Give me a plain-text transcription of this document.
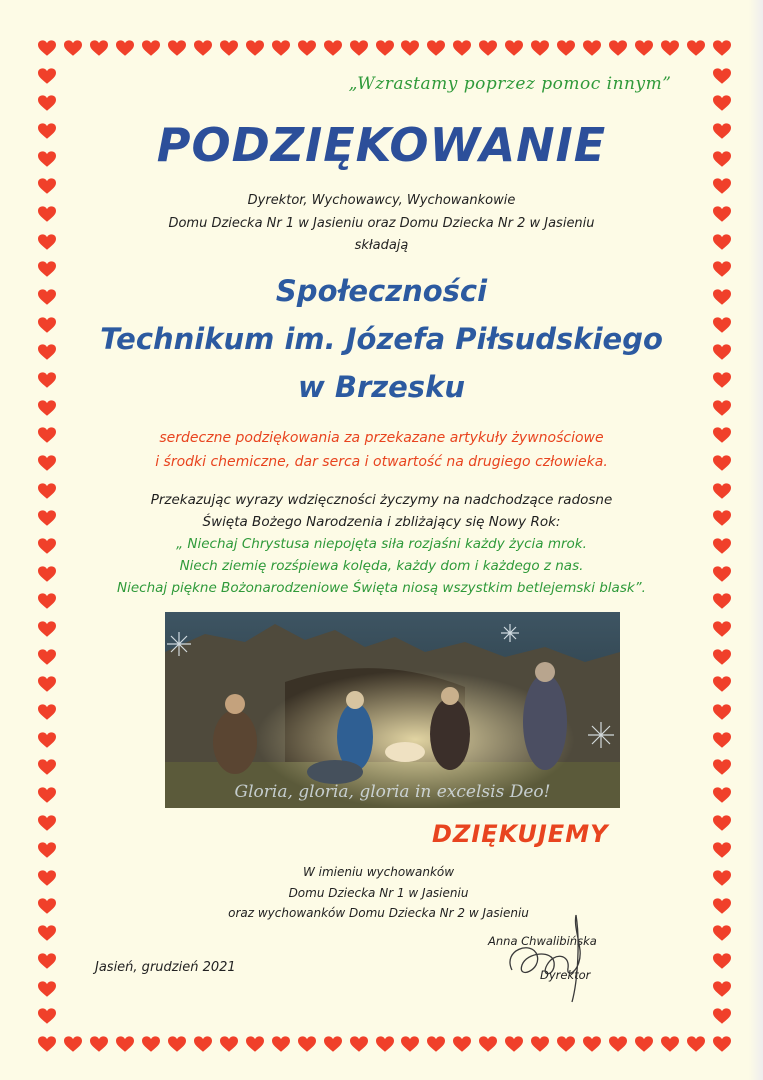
„Wzrastamy poprzez pomoc innym”
PODZIĘKOWANIE
Dyrektor, Wychowawcy, Wychowankowie
Domu Dziecka Nr 1 w Jasieniu oraz Domu Dziecka Nr 2 w Jasieniu
składają
Społeczności
Technikum im. Józefa Piłsudskiego
w Brzesku
serdeczne podziękowania za przekazane artykuły żywnościowe
i środki chemiczne, dar serca i otwartość na drugiego człowieka.
Przekazując wyrazy wdzięczności życzymy na nadchodzące radosne
Święta Bożego Narodzenia i zbliżający się Nowy Rok:
„ Niechaj Chrystusa niepojęta siła rozjaśni każdy życia mrok.
Niech ziemię rozśpiewa kolęda, każdy dom i każdego z nas.
Niechaj piękne Bożonarodzeniowe Święta niosą wszystkim betlejemski blask”.
Gloria, gloria, gloria in excelsis Deo!
DZIĘKUJEMY
W imieniu wychowanków
Domu Dziecka Nr 1 w Jasieniu
oraz wychowanków Domu Dziecka Nr 2 w Jasieniu
Jasień, grudzień 2021
Anna Chwalibińska
Dyrektor
